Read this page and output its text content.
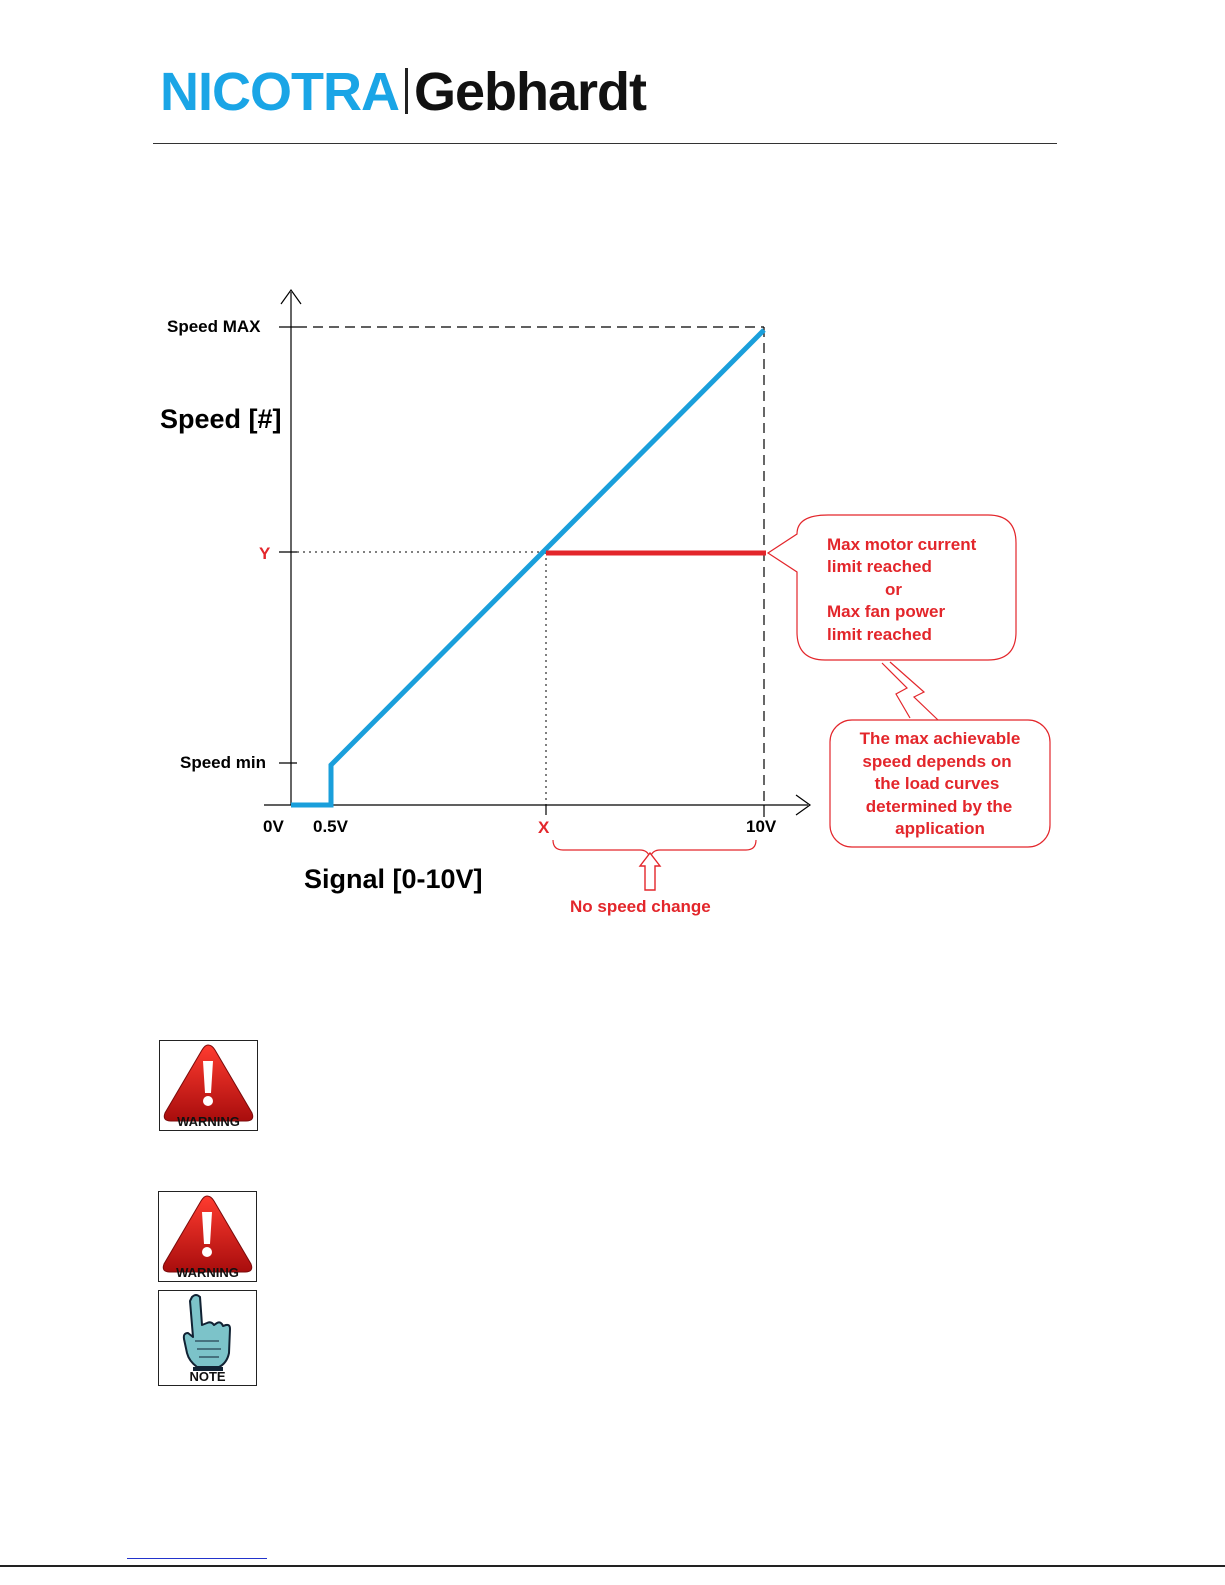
NICOTRA Gebhardt
Speed [#]
Signal [0-10V]
Speed MAX
Y
Speed min
0V 0.5V	X	10V
No speed change
Max motor current
limit reached
or
Max fan power
limit reached
The max achievable
speed depends on
the load curves
determined by the
application
WARNING
WARNING
NOTE
